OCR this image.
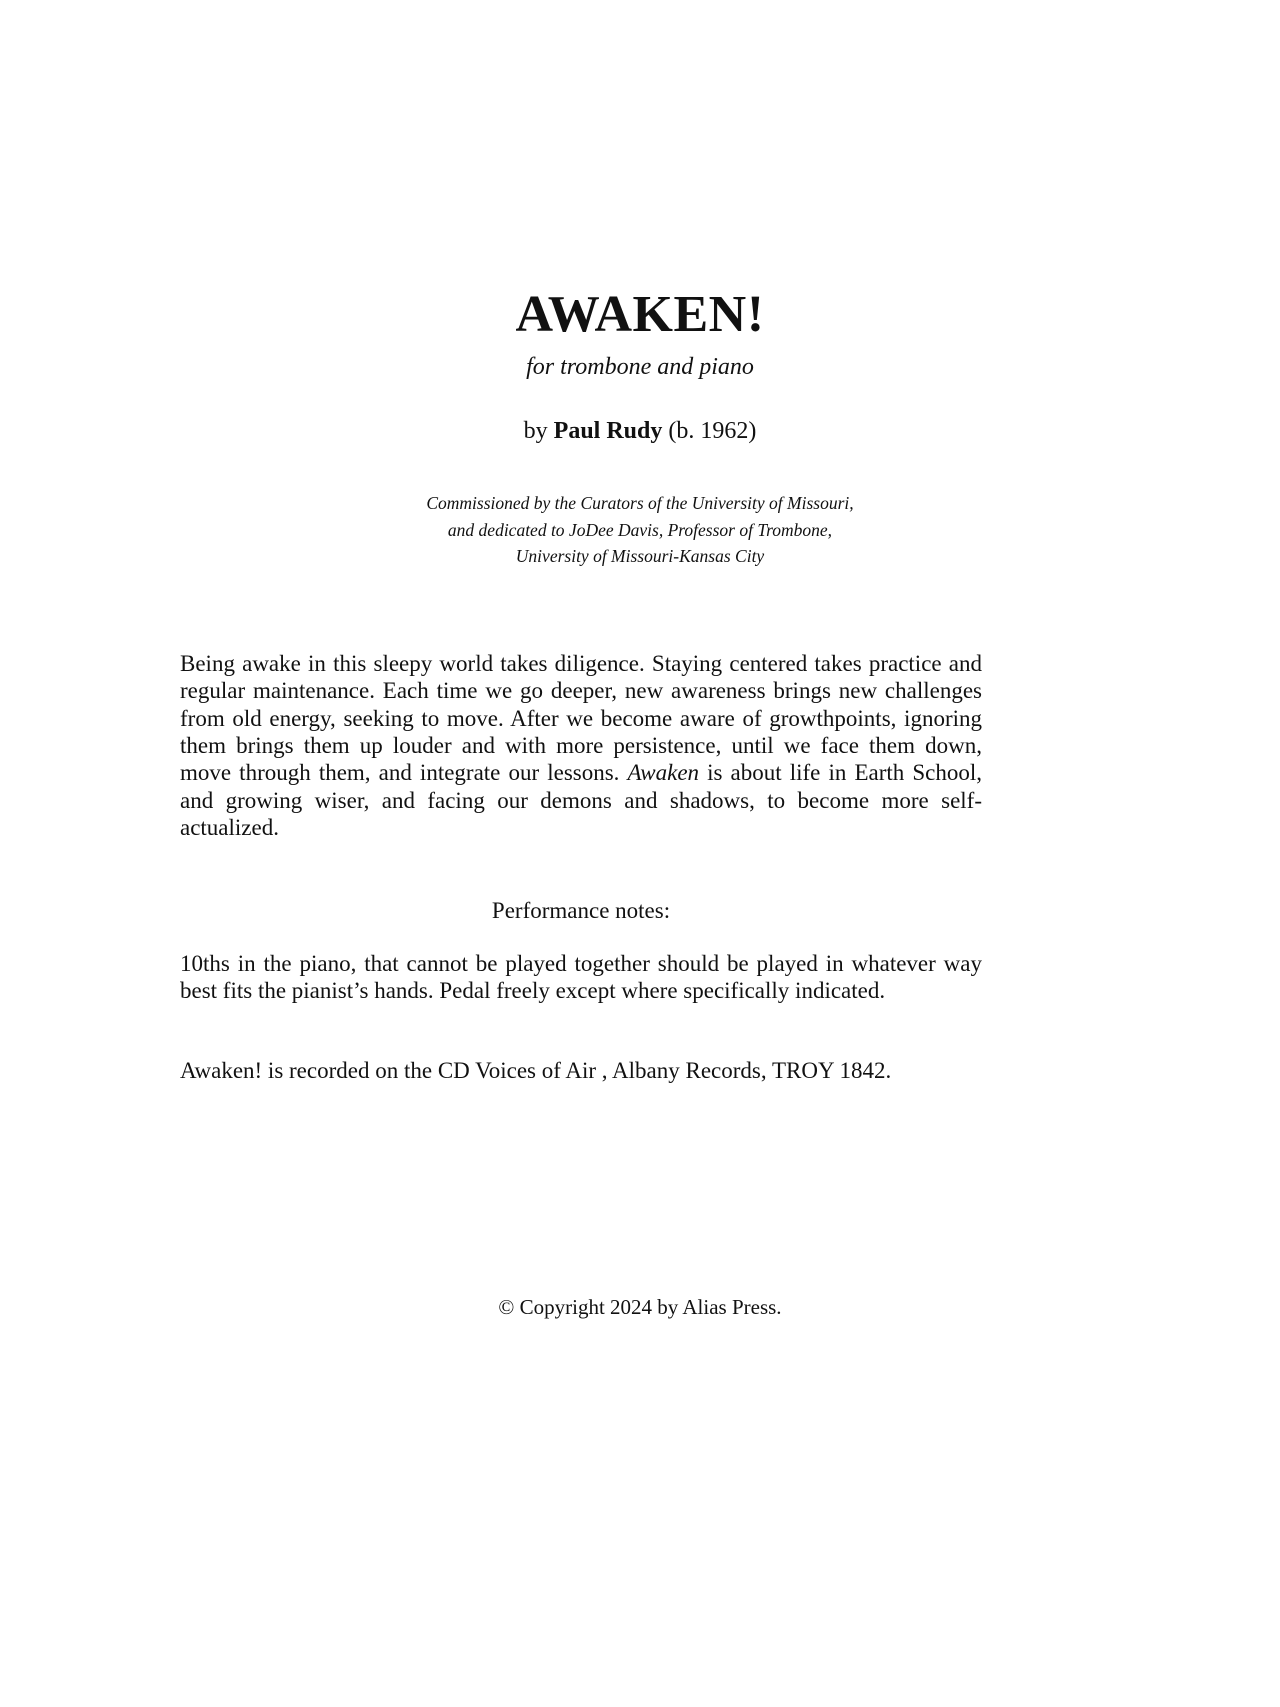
AWAKEN!

for trombone and piano

by Paul Rudy (b. 1962)

Commissioned by the Curators of the University of Missouri,
and dedicated to JoDee Davis, Professor of Trombone,
University of Missouri-Kansas City

Being awake in this sleepy world takes diligence. Staying centered takes practice and regular maintenance. Each time we go deeper, new awareness brings new challenges from old energy, seeking to move. After we become aware of growthpoints, ignoring them brings them up louder and with more persistence, until we face them down, move through them, and integrate our lessons. Awaken is about life in Earth School, and growing wiser, and facing our demons and shadows, to become more self-actualized.

Performance notes:

10ths in the piano, that cannot be played together should be played in whatever way best fits the pianist’s hands. Pedal freely except where specifically indicated.

Awaken! is recorded on the CD Voices of Air , Albany Records, TROY 1842.

© Copyright 2024 by Alias Press.
